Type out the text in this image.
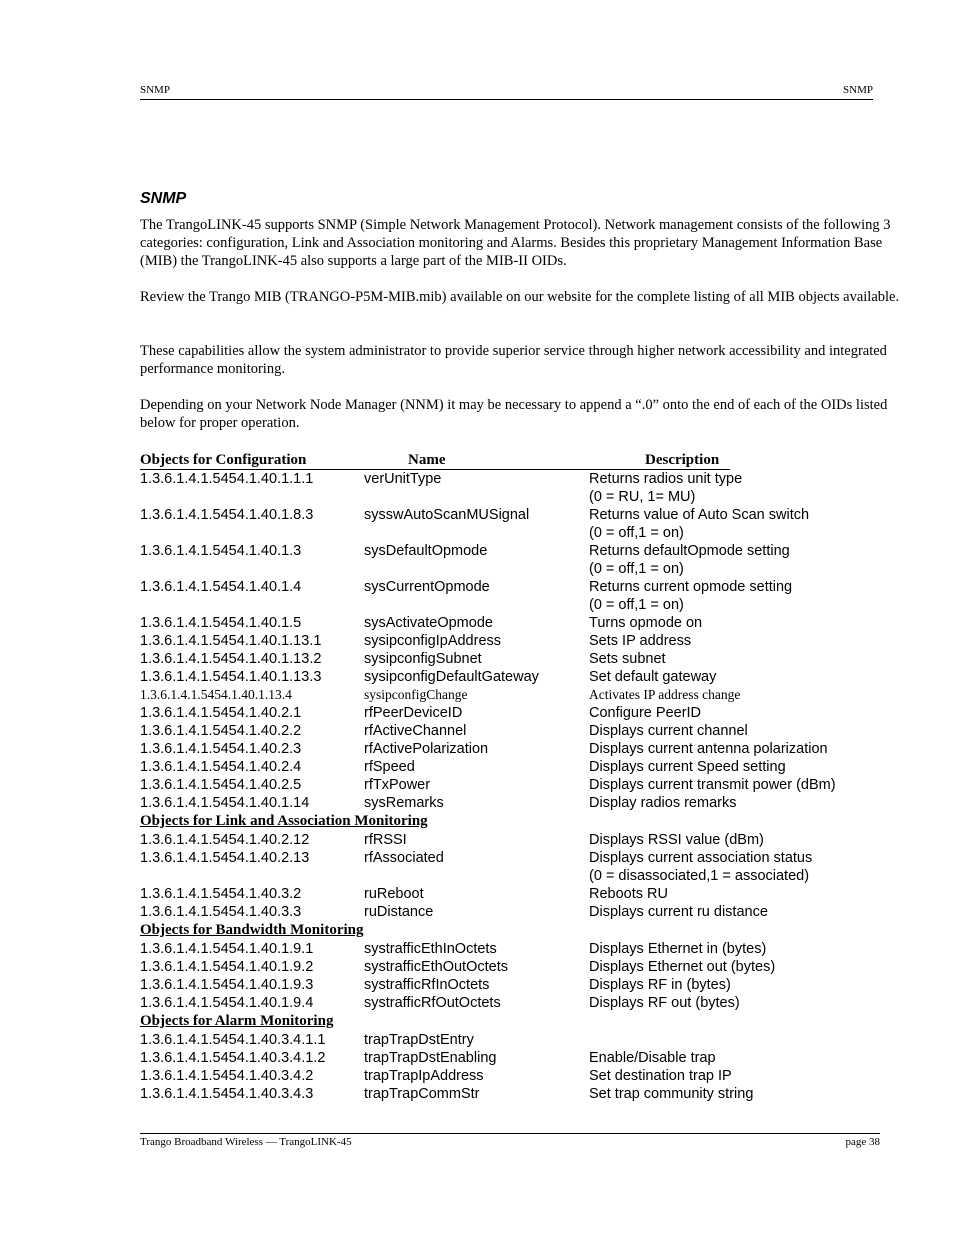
SNMP	SNMP
SNMP

The TrangoLINK-45 supports SNMP (Simple Network Management Protocol). Network management consists of the following 3 categories: configuration, Link and Association monitoring and Alarms. Besides this proprietary Management Information Base (MIB) the TrangoLINK-45 also supports a large part of the MIB-II OIDs.

Review the Trango MIB (TRANGO-P5M-MIB.mib) available on our website for the complete listing of all MIB objects available.

These capabilities allow the system administrator to provide superior service through higher network accessibility and integrated performance monitoring.

Depending on your Network Node Manager (NNM) it may be necessary to append a “.0” onto the end of each of the OIDs listed below for proper operation.

Objects for Configuration	Name	Description
1.3.6.1.4.1.5454.1.40.1.1.1	verUnitType	Returns radios unit type
(0 = RU, 1= MU)
1.3.6.1.4.1.5454.1.40.1.8.3	sysswAutoScanMUSignal	Returns value of Auto Scan switch
(0 = off,1 = on)
1.3.6.1.4.1.5454.1.40.1.3	sysDefaultOpmode	Returns defaultOpmode setting
(0 = off,1 = on)
1.3.6.1.4.1.5454.1.40.1.4	sysCurrentOpmode	Returns current opmode setting
(0 = off,1 = on)
1.3.6.1.4.1.5454.1.40.1.5	sysActivateOpmode	Turns opmode on
1.3.6.1.4.1.5454.1.40.1.13.1	sysipconfigIpAddress	Sets IP address
1.3.6.1.4.1.5454.1.40.1.13.2	sysipconfigSubnet	Sets subnet
1.3.6.1.4.1.5454.1.40.1.13.3	sysipconfigDefaultGateway	Set default gateway
1.3.6.1.4.1.5454.1.40.1.13.4	sysipconfigChange	Activates IP address change
1.3.6.1.4.1.5454.1.40.2.1	rfPeerDeviceID	Configure PeerID
1.3.6.1.4.1.5454.1.40.2.2	rfActiveChannel	Displays current channel
1.3.6.1.4.1.5454.1.40.2.3	rfActivePolarization	Displays current antenna polarization
1.3.6.1.4.1.5454.1.40.2.4	rfSpeed	Displays current Speed setting
1.3.6.1.4.1.5454.1.40.2.5	rfTxPower	Displays current transmit power (dBm)
1.3.6.1.4.1.5454.1.40.1.14	sysRemarks	Display radios remarks
Objects for Link and Association Monitoring
1.3.6.1.4.1.5454.1.40.2.12	rfRSSI	Displays RSSI value (dBm)
1.3.6.1.4.1.5454.1.40.2.13	rfAssociated	Displays current association status
(0 = disassociated,1 = associated)
1.3.6.1.4.1.5454.1.40.3.2	ruReboot	Reboots RU
1.3.6.1.4.1.5454.1.40.3.3	ruDistance	Displays current ru distance
Objects for Bandwidth Monitoring
1.3.6.1.4.1.5454.1.40.1.9.1	systrafficEthInOctets	Displays Ethernet in (bytes)
1.3.6.1.4.1.5454.1.40.1.9.2	systrafficEthOutOctets	Displays Ethernet out (bytes)
1.3.6.1.4.1.5454.1.40.1.9.3	systrafficRfInOctets	Displays RF in (bytes)
1.3.6.1.4.1.5454.1.40.1.9.4	systrafficRfOutOctets	Displays RF out (bytes)
Objects for Alarm Monitoring
1.3.6.1.4.1.5454.1.40.3.4.1.1	trapTrapDstEntry
1.3.6.1.4.1.5454.1.40.3.4.1.2	trapTrapDstEnabling	Enable/Disable trap
1.3.6.1.4.1.5454.1.40.3.4.2	trapTrapIpAddress	Set destination trap IP
1.3.6.1.4.1.5454.1.40.3.4.3	trapTrapCommStr	Set trap community string
Trango Broadband Wireless — TrangoLINK-45	page 38
